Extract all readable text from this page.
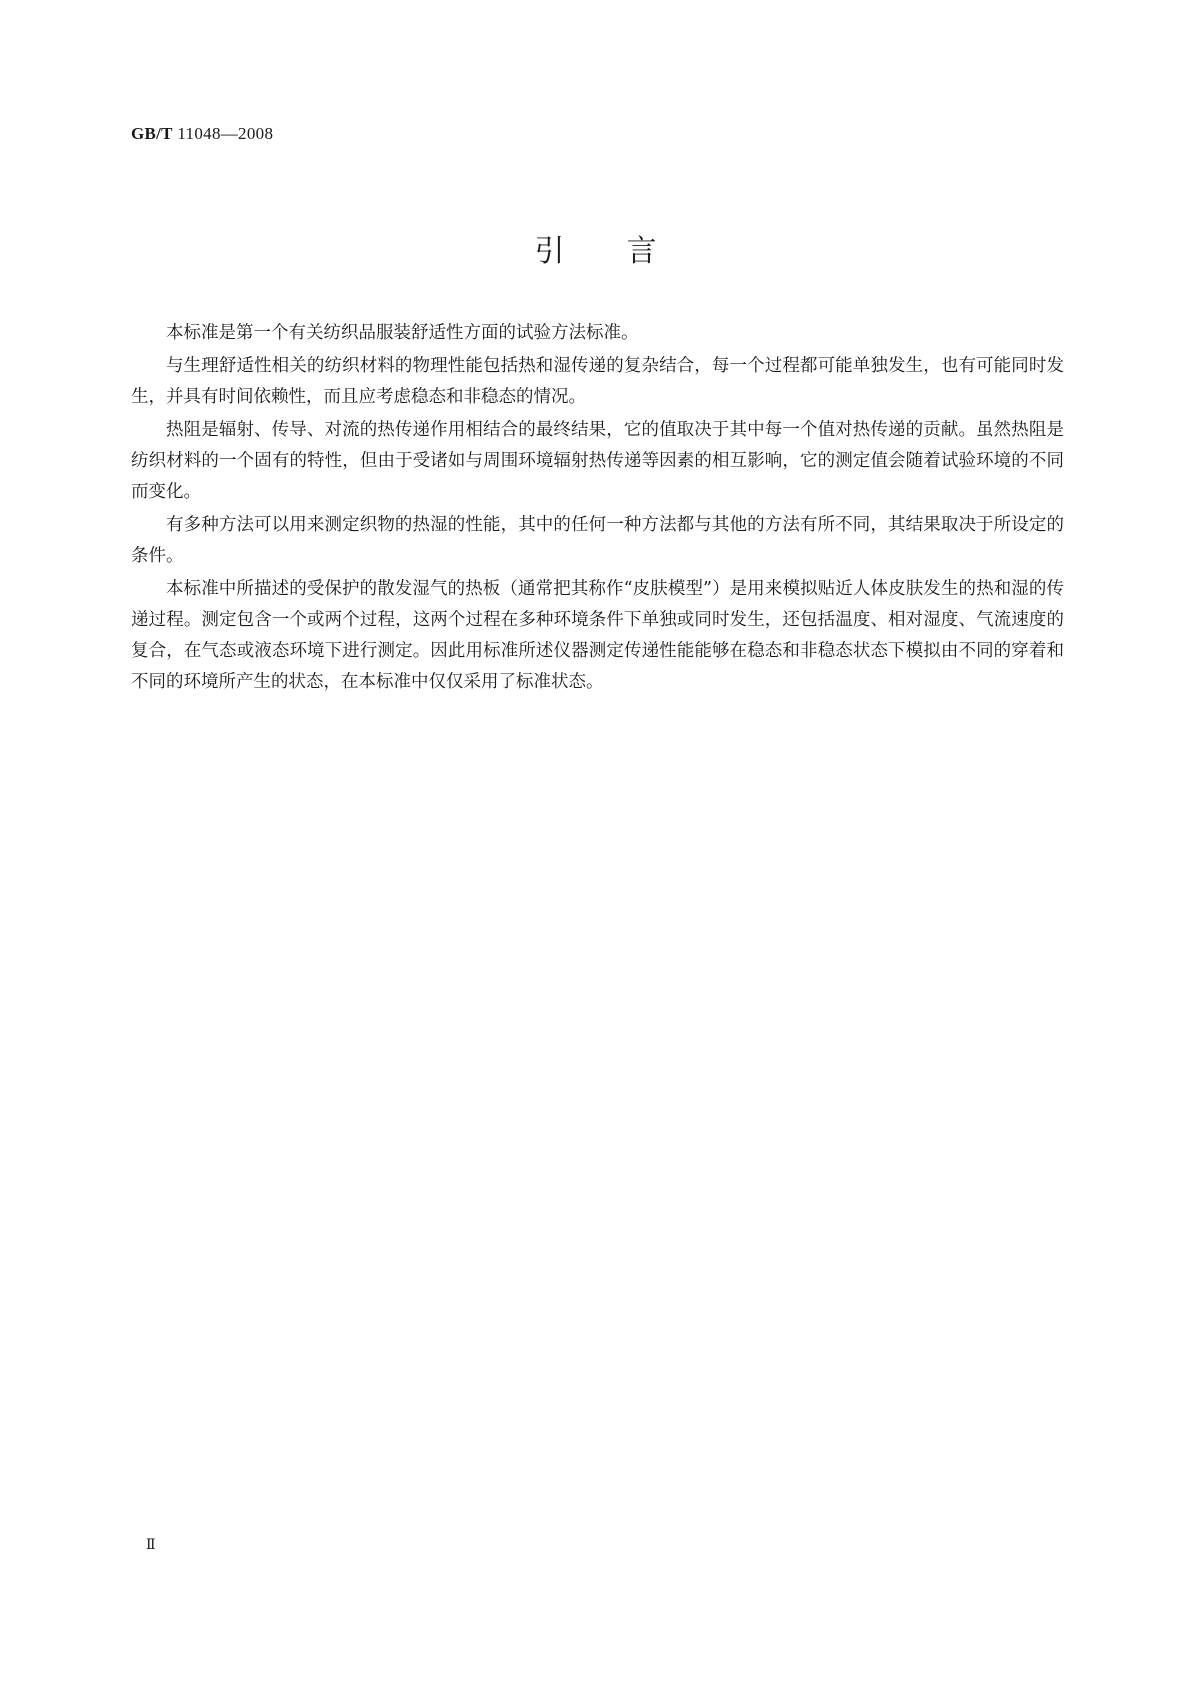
GB/T 11048—2008
引言

本标准是第一个有关纺织品服装舒适性方面的试验方法标准。

与生理舒适性相关的纺织材料的物理性能包括热和湿传递的复杂结合，每一个过程都可能单独发生，也有可能同时发生，并具有时间依赖性，而且应考虑稳态和非稳态的情况。

热阻是辐射、传导、对流的热传递作用相结合的最终结果，它的值取决于其中每一个值对热传递的贡献。虽然热阻是纺织材料的一个固有的特性，但由于受诸如与周围环境辐射热传递等因素的相互影响，它的测定值会随着试验环境的不同而变化。

有多种方法可以用来测定织物的热湿的性能，其中的任何一种方法都与其他的方法有所不同，其结果取决于所设定的条件。

本标准中所描述的受保护的散发湿气的热板（通常把其称作“皮肤模型”）是用来模拟贴近人体皮肤发生的热和湿的传递过程。测定包含一个或两个过程，这两个过程在多种环境条件下单独或同时发生，还包括温度、相对湿度、气流速度的复合，在气态或液态环境下进行测定。因此用标准所述仪器测定传递性能能够在稳态和非稳态状态下模拟由不同的穿着和不同的环境所产生的状态，在本标准中仅仅采用了标准状态。

Ⅱ
